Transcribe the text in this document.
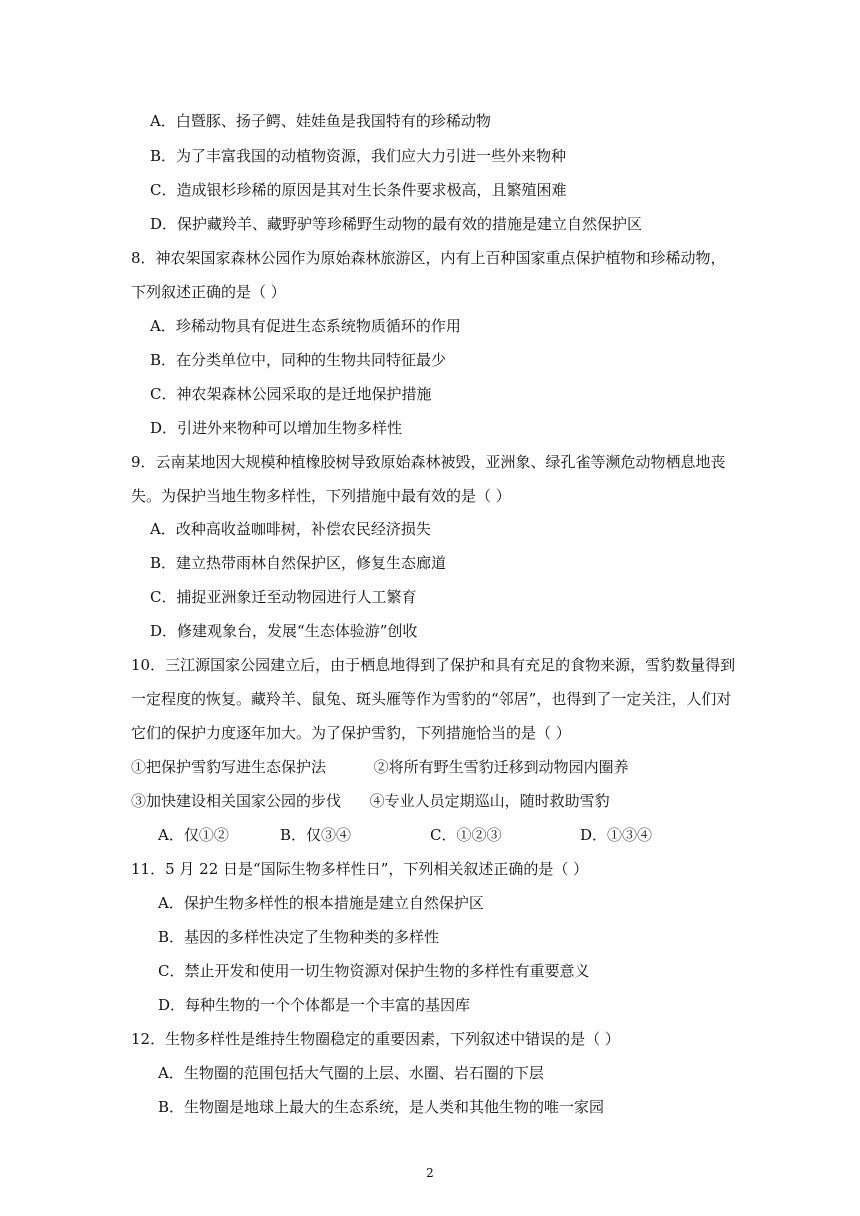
A．白暨豚、扬子鳄、娃娃鱼是我国特有的珍稀动物
B．为了丰富我国的动植物资源，我们应大力引进一些外来物种
C．造成银杉珍稀的原因是其对生长条件要求极高，且繁殖困难
D．保护藏羚羊、藏野驴等珍稀野生动物的最有效的措施是建立自然保护区
8．神农架国家森林公园作为原始森林旅游区，内有上百种国家重点保护植物和珍稀动物，
下列叙述正确的是（ ）
A．珍稀动物具有促进生态系统物质循环的作用
B．在分类单位中，同种的生物共同特征最少
C．神农架森林公园采取的是迁地保护措施
D．引进外来物种可以增加生物多样性
9．云南某地因大规模种植橡胶树导致原始森林被毁，亚洲象、绿孔雀等濒危动物栖息地丧
失。为保护当地生物多样性，下列措施中最有效的是（ ）
A．改种高收益咖啡树，补偿农民经济损失
B．建立热带雨林自然保护区，修复生态廊道
C．捕捉亚洲象迁至动物园进行人工繁育
D．修建观象台，发展“生态体验游”创收
10．三江源国家公园建立后，由于栖息地得到了保护和具有充足的食物来源，雪豹数量得到
一定程度的恢复。藏羚羊、鼠兔、斑头雁等作为雪豹的“邻居”，也得到了一定关注，人们对
它们的保护力度逐年加大。为了保护雪豹，下列措施恰当的是（ ）
①把保护雪豹写进生态保护法          ②将所有野生雪豹迁移到动物园内圈养
③加快建设相关国家公园的步伐      ④专业人员定期巡山，随时救助雪豹
A．仅①②	B．仅③④	C．①②③	D．①③④
11．5 月 22 日是“国际生物多样性日”，下列相关叙述正确的是（ ）
A．保护生物多样性的根本措施是建立自然保护区
B．基因的多样性决定了生物种类的多样性
C．禁止开发和使用一切生物资源对保护生物的多样性有重要意义
D．每种生物的一个个体都是一个丰富的基因库
12．生物多样性是维持生物圈稳定的重要因素，下列叙述中错误的是（ ）
A．生物圈的范围包括大气圈的上层、水圈、岩石圈的下层
B．生物圈是地球上最大的生态系统，是人类和其他生物的唯一家园
2
